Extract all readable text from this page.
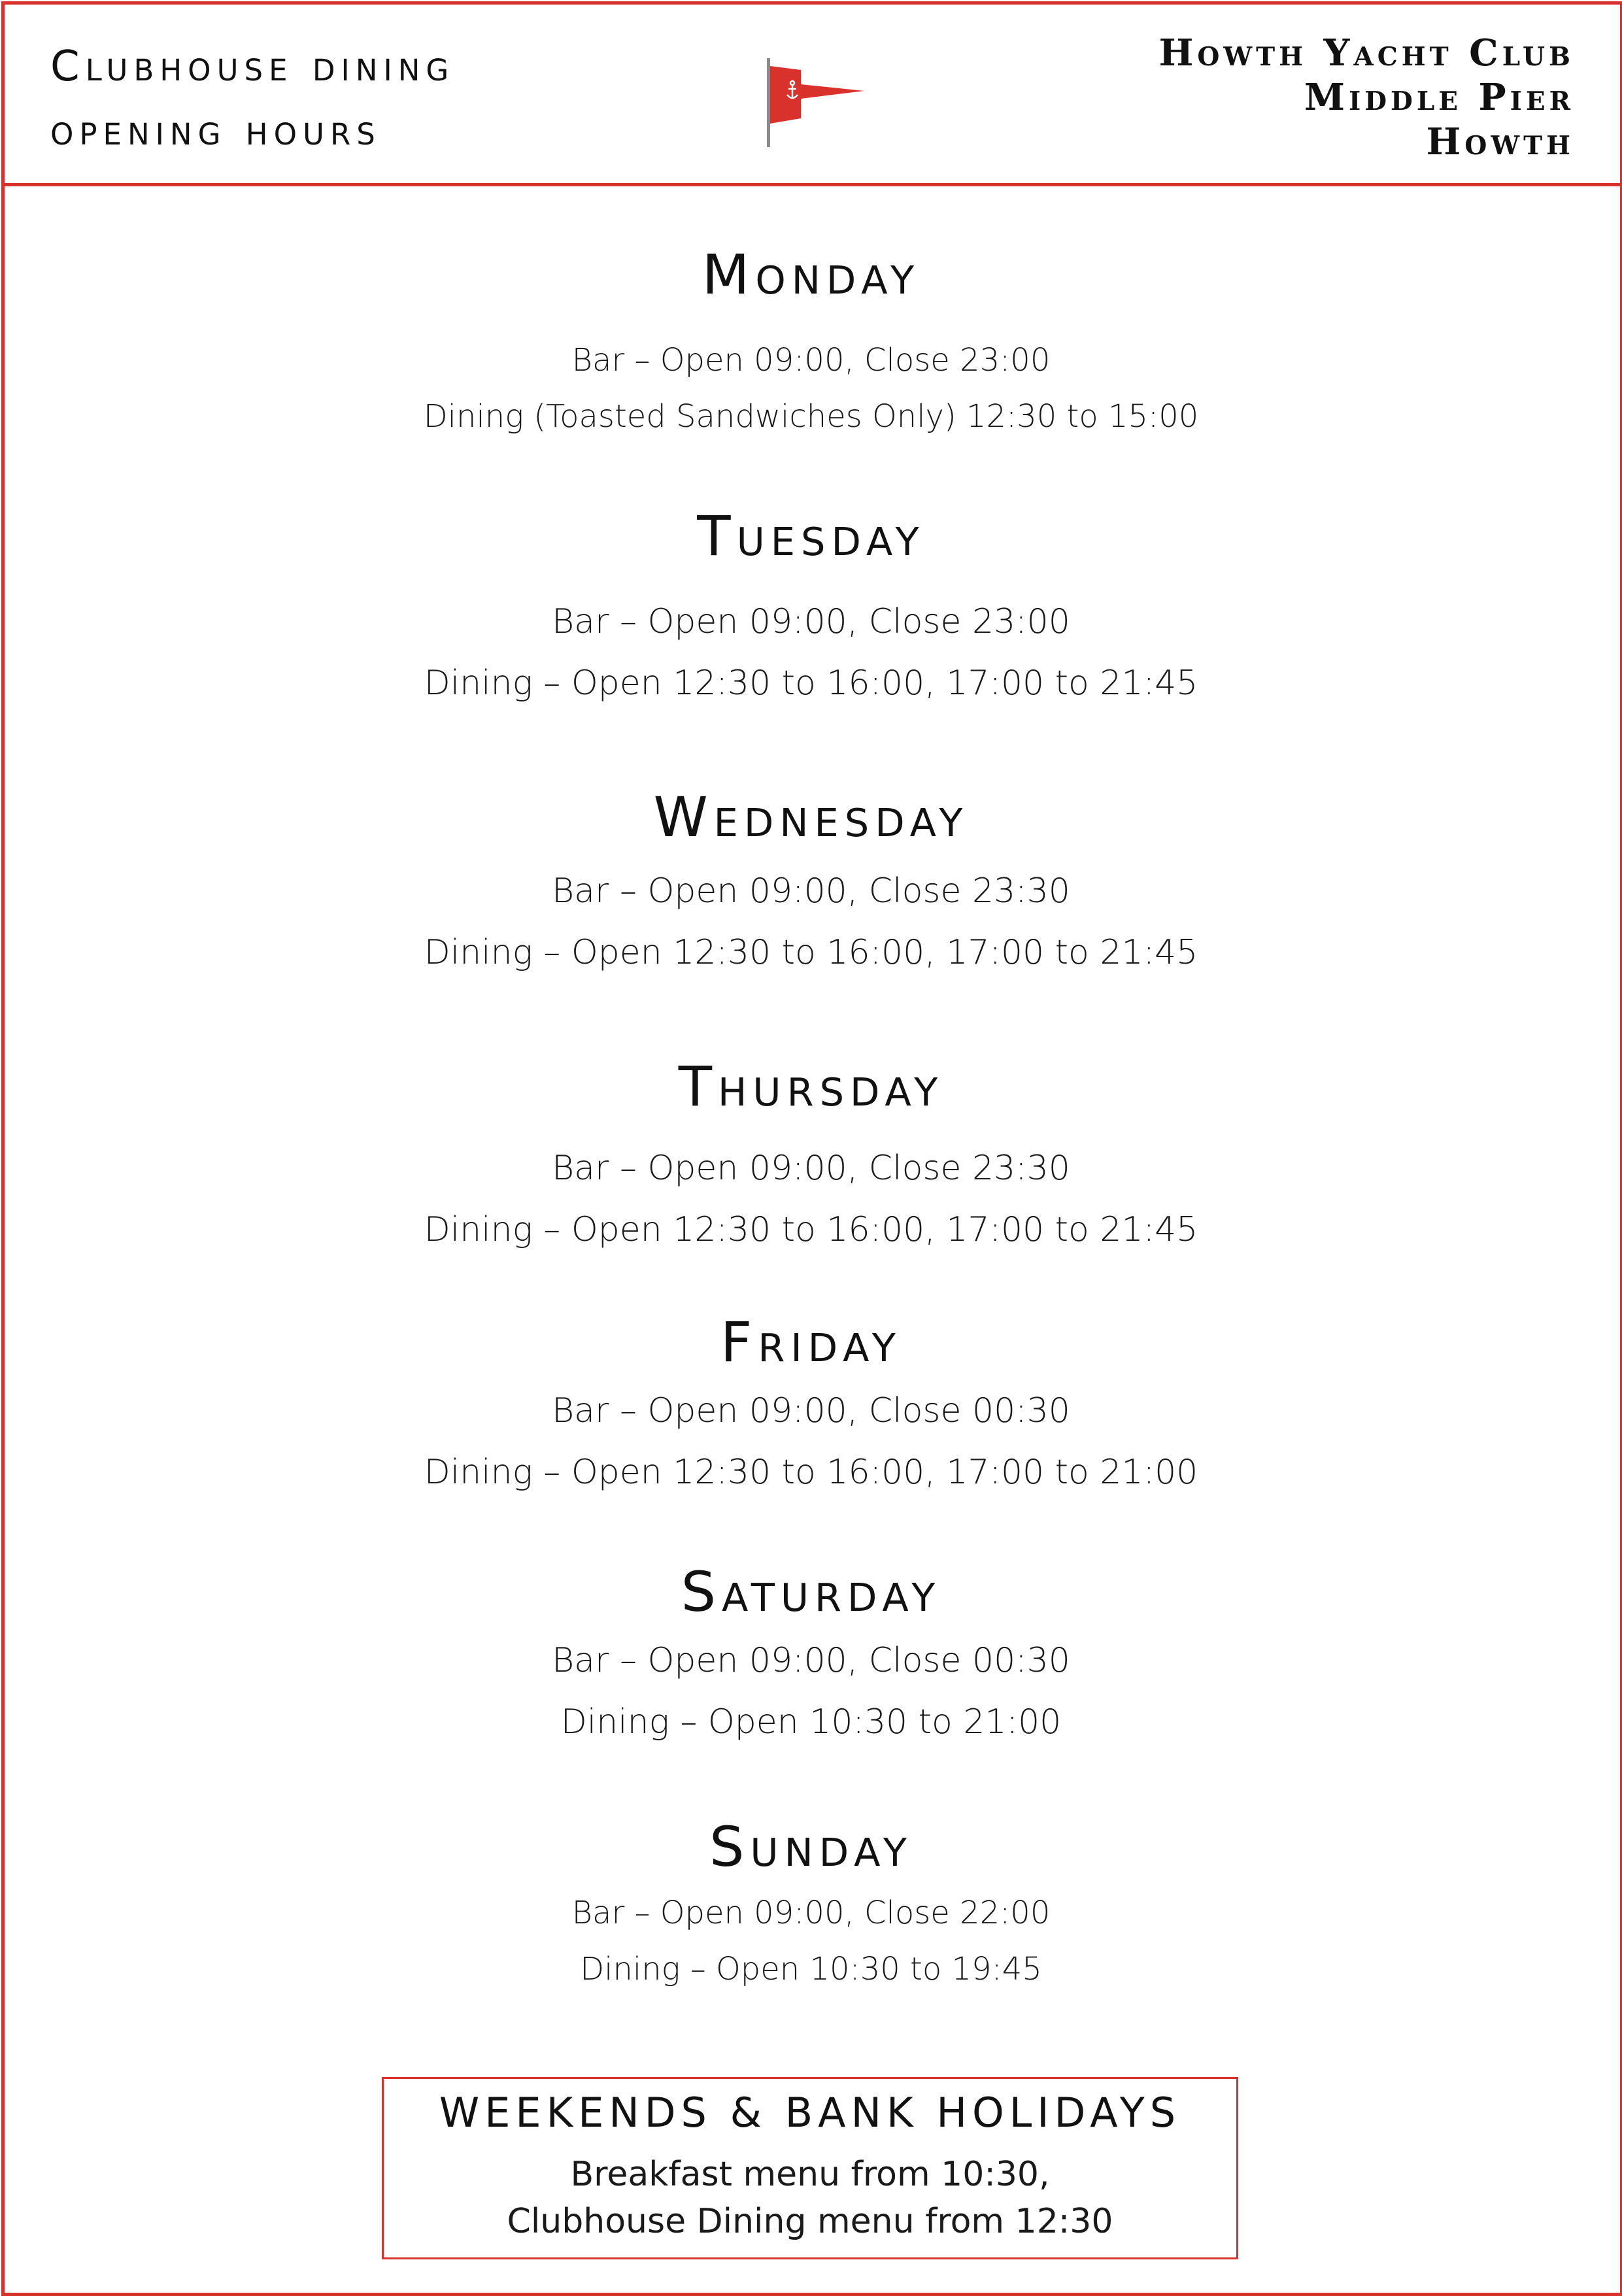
Clubhouse dining
opening hours
Howth Yacht Club
Middle Pier
Howth
Monday
Bar – Open 09:00, Close 23:00
Dining (Toasted Sandwiches Only) 12:30 to 15:00
Tuesday
Bar – Open 09:00, Close 23:00
Dining – Open 12:30 to 16:00, 17:00 to 21:45
Wednesday
Bar – Open 09:00, Close 23:30
Dining – Open 12:30 to 16:00, 17:00 to 21:45
Thursday
Bar – Open 09:00, Close 23:30
Dining – Open 12:30 to 16:00, 17:00 to 21:45
Friday
Bar – Open 09:00, Close 00:30
Dining – Open 12:30 to 16:00, 17:00 to 21:00
Saturday
Bar – Open 09:00, Close 00:30
Dining – Open 10:30 to 21:00
Sunday
Bar – Open 09:00, Close 22:00
Dining – Open 10:30 to 19:45
WEEKENDS & BANK HOLIDAYS
Breakfast menu from 10:30,
Clubhouse Dining menu from 12:30
